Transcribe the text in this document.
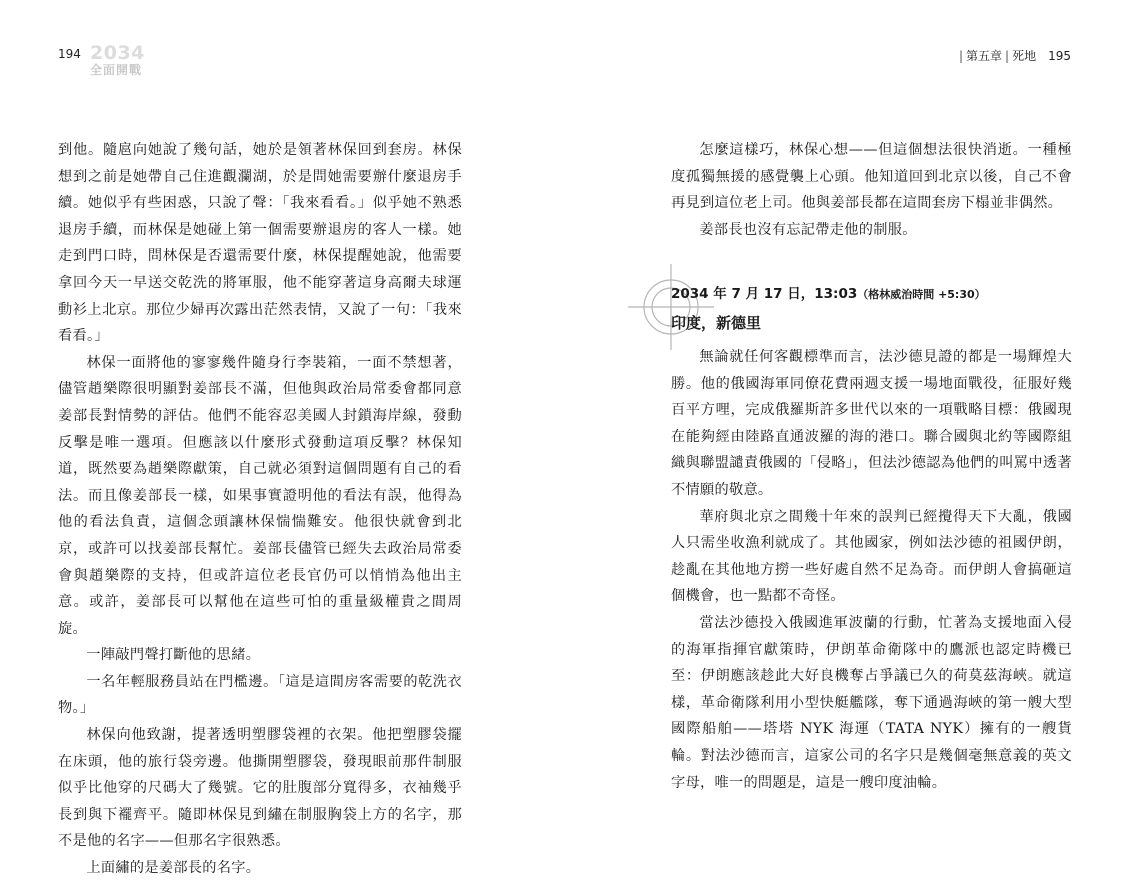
194 2034
全面開戰

到他。隨扈向她說了幾句話，她於是領著林保回到套房。林保想到之前是她帶自己住進觀瀾湖，於是問她需要辦什麼退房手續。她似乎有些困惑，只說了聲：「我來看看。」似乎她不熟悉退房手續，而林保是她碰上第一個需要辦退房的客人一樣。她走到門口時，問林保是否還需要什麼，林保提醒她說，他需要拿回今天一早送交乾洗的將軍服，他不能穿著這身高爾夫球運動衫上北京。那位少婦再次露出茫然表情，又說了一句：「我來看看。」

林保一面將他的寥寥幾件隨身行李裝箱，一面不禁想著，儘管趙樂際很明顯對姜部長不滿，但他與政治局常委會都同意姜部長對情勢的評估。他們不能容忍美國人封鎖海岸線，發動反擊是唯一選項。但應該以什麼形式發動這項反擊？林保知道，既然要為趙樂際獻策，自己就必須對這個問題有自己的看法。而且像姜部長一樣，如果事實證明他的看法有誤，他得為他的看法負責，這個念頭讓林保惴惴難安。他很快就會到北京，或許可以找姜部長幫忙。姜部長儘管已經失去政治局常委會與趙樂際的支持，但或許這位老長官仍可以悄悄為他出主意。或許，姜部長可以幫他在這些可怕的重量級權貴之間周旋。

一陣敲門聲打斷他的思緒。

一名年輕服務員站在門檻邊。「這是這間房客需要的乾洗衣物。」

林保向他致謝，提著透明塑膠袋裡的衣架。他把塑膠袋擺在床頭，他的旅行袋旁邊。他撕開塑膠袋，發現眼前那件制服似乎比他穿的尺碼大了幾號。它的肚腹部分寬得多，衣袖幾乎長到與下襬齊平。隨即林保見到繡在制服胸袋上方的名字，那不是他的名字——但那名字很熟悉。

上面繡的是姜部長的名字。

| 第五章 | 死地 195

怎麼這樣巧，林保心想——但這個想法很快消逝。一種極度孤獨無援的感覺襲上心頭。他知道回到北京以後，自己不會再見到這位老上司。他與姜部長都在這間套房下榻並非偶然。

姜部長也沒有忘記帶走他的制服。

2034 年 7 月 17 日，13:03（格林威治時間 +5:30）
印度，新德里

無論就任何客觀標準而言，法沙德見證的都是一場輝煌大勝。他的俄國海軍同僚花費兩週支援一場地面戰役，征服好幾百平方哩，完成俄羅斯許多世代以來的一項戰略目標：俄國現在能夠經由陸路直通波羅的海的港口。聯合國與北約等國際組織與聯盟譴責俄國的「侵略」，但法沙德認為他們的叫罵中透著不情願的敬意。

華府與北京之間幾十年來的誤判已經攪得天下大亂，俄國人只需坐收漁利就成了。其他國家，例如法沙德的祖國伊朗，趁亂在其他地方撈一些好處自然不足為奇。而伊朗人會搞砸這個機會，也一點都不奇怪。

當法沙德投入俄國進軍波蘭的行動，忙著為支援地面入侵的海軍指揮官獻策時，伊朗革命衛隊中的鷹派也認定時機已至：伊朗應該趁此大好良機奪占爭議已久的荷莫茲海峽。就這樣，革命衛隊利用小型快艇艦隊，奪下通過海峽的第一艘大型國際船舶——塔塔 NYK 海運（TATA NYK）擁有的一艘貨輪。對法沙德而言，這家公司的名字只是幾個毫無意義的英文字母，唯一的問題是，這是一艘印度油輪。
